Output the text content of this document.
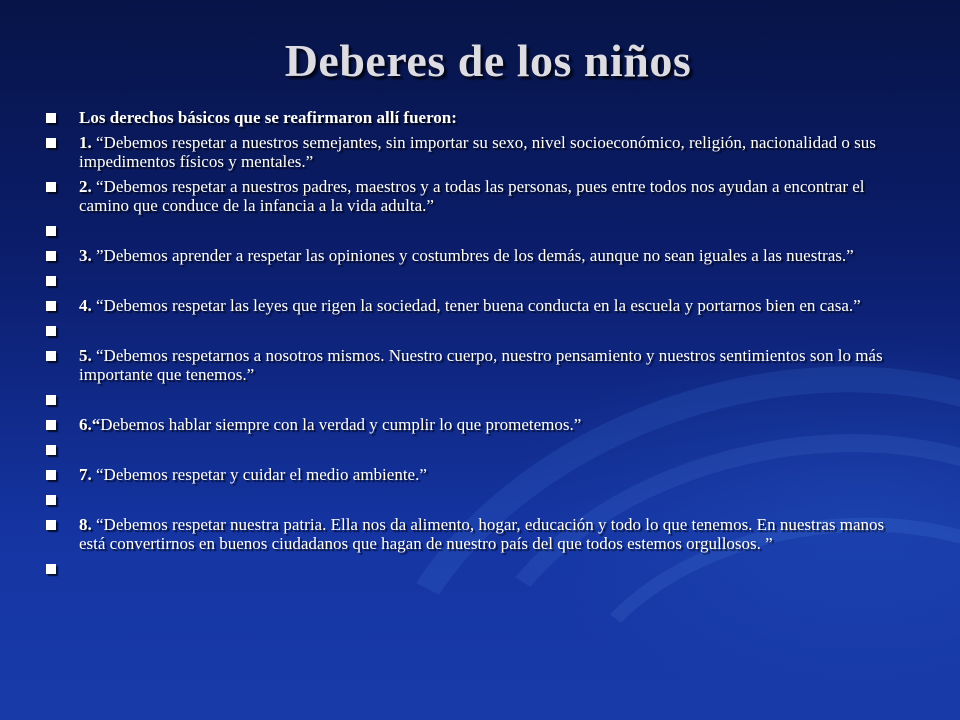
Deberes de los niños
Los derechos básicos que se reafirmaron allí fueron:
1. “Debemos respetar a nuestros semejantes, sin importar su sexo, nivel socioeconómico, religión, nacionalidad o sus impedimentos físicos y mentales.”
2. “Debemos respetar a nuestros padres, maestros y a todas las personas, pues entre todos nos ayudan a encontrar el camino que conduce de la infancia a la vida adulta.”
3. ”Debemos aprender a respetar las opiniones y costumbres de los demás, aunque no sean iguales a las nuestras.”
4. “Debemos respetar las leyes que rigen la sociedad, tener buena conducta en la escuela y portarnos bien en casa.”
5. “Debemos respetarnos a nosotros mismos. Nuestro cuerpo, nuestro pensamiento y nuestros sentimientos son lo más importante que tenemos.”
6.“Debemos hablar siempre con la verdad y cumplir lo que prometemos.”
7. “Debemos respetar y cuidar el medio ambiente.”
8. “Debemos respetar nuestra patria. Ella nos da alimento, hogar, educación y todo lo que tenemos. En nuestras manos está convertirnos en buenos ciudadanos que hagan de nuestro país del que todos estemos orgullosos. ”
